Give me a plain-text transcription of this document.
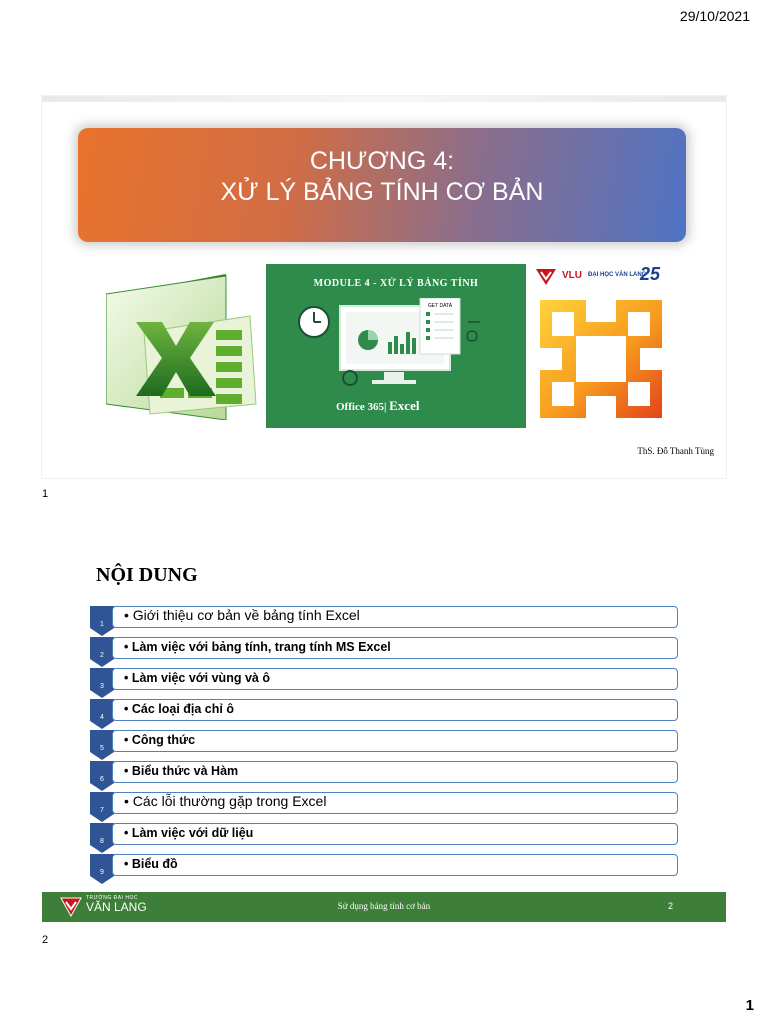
29/10/2021
CHƯƠNG 4:
XỬ LÝ BẢNG TÍNH CƠ BẢN
MODULE 4 - XỬ LÝ BẢNG TÍNH
GET DATA
Office 365| Excel
VLU ĐẠI HỌC VĂN LANG
25
ThS. Đỗ Thanh Tùng
1
NỘI DUNG
1
• Giới thiệu cơ bản về bảng tính Excel
2
• Làm việc với bảng tính, trang tính MS Excel
3
• Làm việc với vùng và ô
4
• Các loại địa chỉ ô
5
• Công thức
6
• Biểu thức và Hàm
7
• Các lỗi thường gặp trong Excel
8
• Làm việc với dữ liệu
9
• Biểu đồ
TRƯỜNG ĐẠI HỌC
VĂN LANG	Sử dụng bảng tính cơ bản	2
2
1
